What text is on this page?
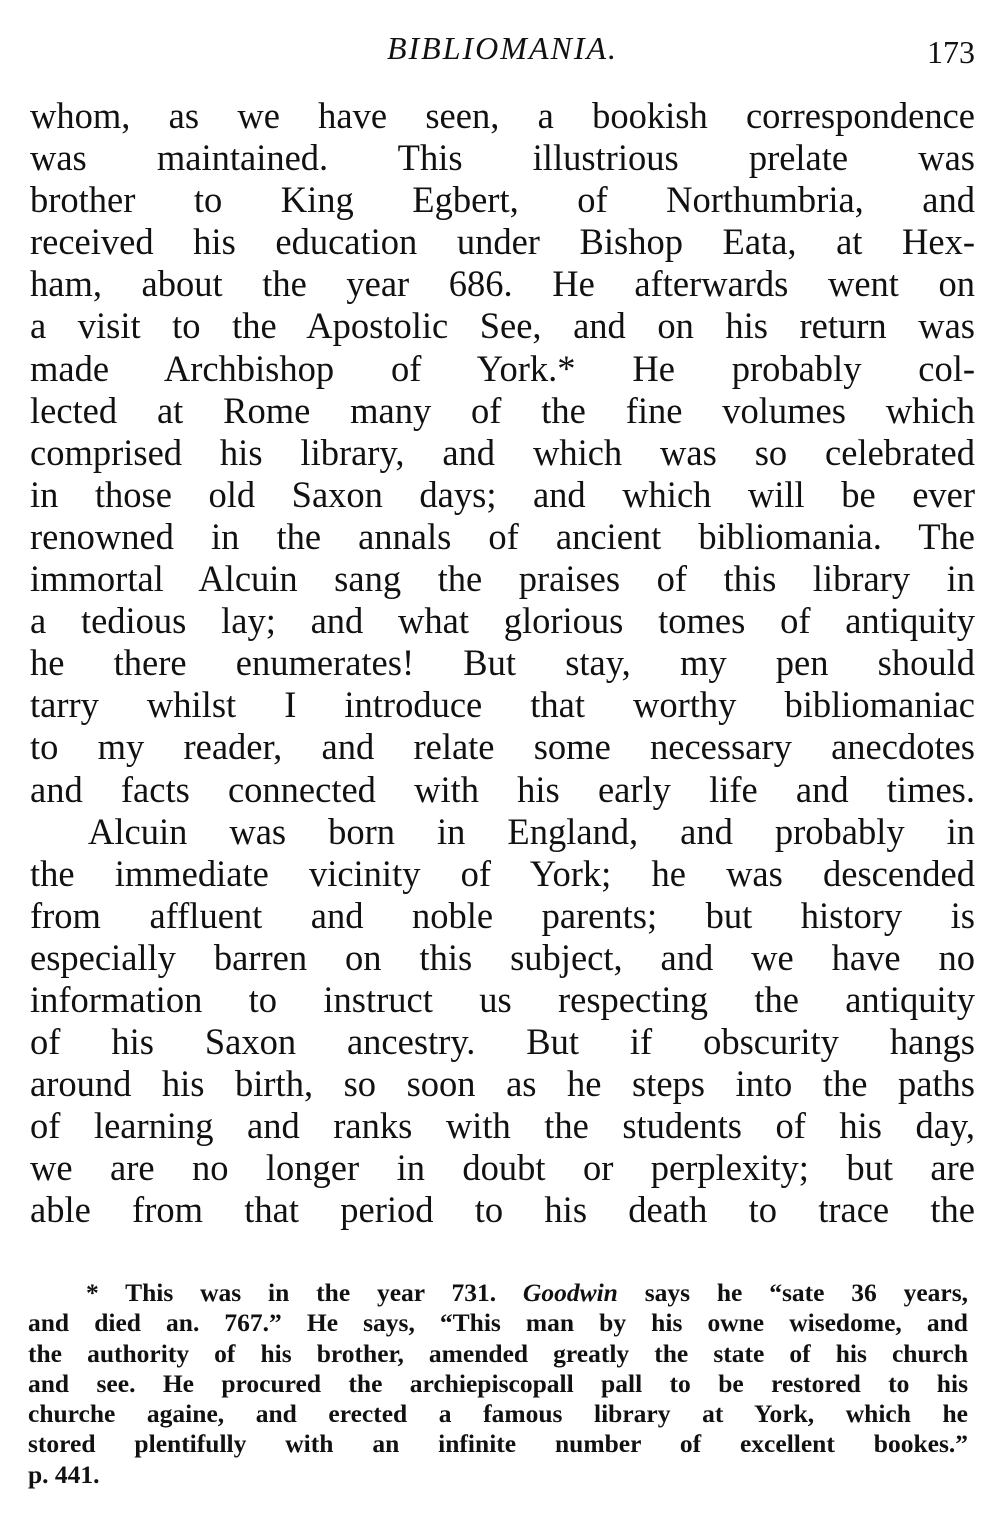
BIBLIOMANIA.	173
whom, as we have seen, a bookish correspondence
was maintained. This illustrious prelate was
brother to King Egbert, of Northumbria, and
received his education under Bishop Eata, at Hex-
ham, about the year 686. He afterwards went on
a visit to the Apostolic See, and on his return was
made Archbishop of York.* He probably col-
lected at Rome many of the fine volumes which
comprised his library, and which was so celebrated
in those old Saxon days; and which will be ever
renowned in the annals of ancient bibliomania. The
immortal Alcuin sang the praises of this library in
a tedious lay; and what glorious tomes of antiquity
he there enumerates! But stay, my pen should
tarry whilst I introduce that worthy bibliomaniac
to my reader, and relate some necessary anecdotes
and facts connected with his early life and times.
Alcuin was born in England, and probably in
the immediate vicinity of York; he was descended
from affluent and noble parents; but history is
especially barren on this subject, and we have no
information to instruct us respecting the antiquity
of his Saxon ancestry. But if obscurity hangs
around his birth, so soon as he steps into the paths
of learning and ranks with the students of his day,
we are no longer in doubt or perplexity; but are
able from that period to his death to trace the
* This was in the year 731. Goodwin says he “sate 36 years,
and died an. 767.” He says, “This man by his owne wisedome, and
the authority of his brother, amended greatly the state of his church
and see. He procured the archiepiscopall pall to be restored to his
churche againe, and erected a famous library at York, which he
stored plentifully with an infinite number of excellent bookes.”
p. 441.
